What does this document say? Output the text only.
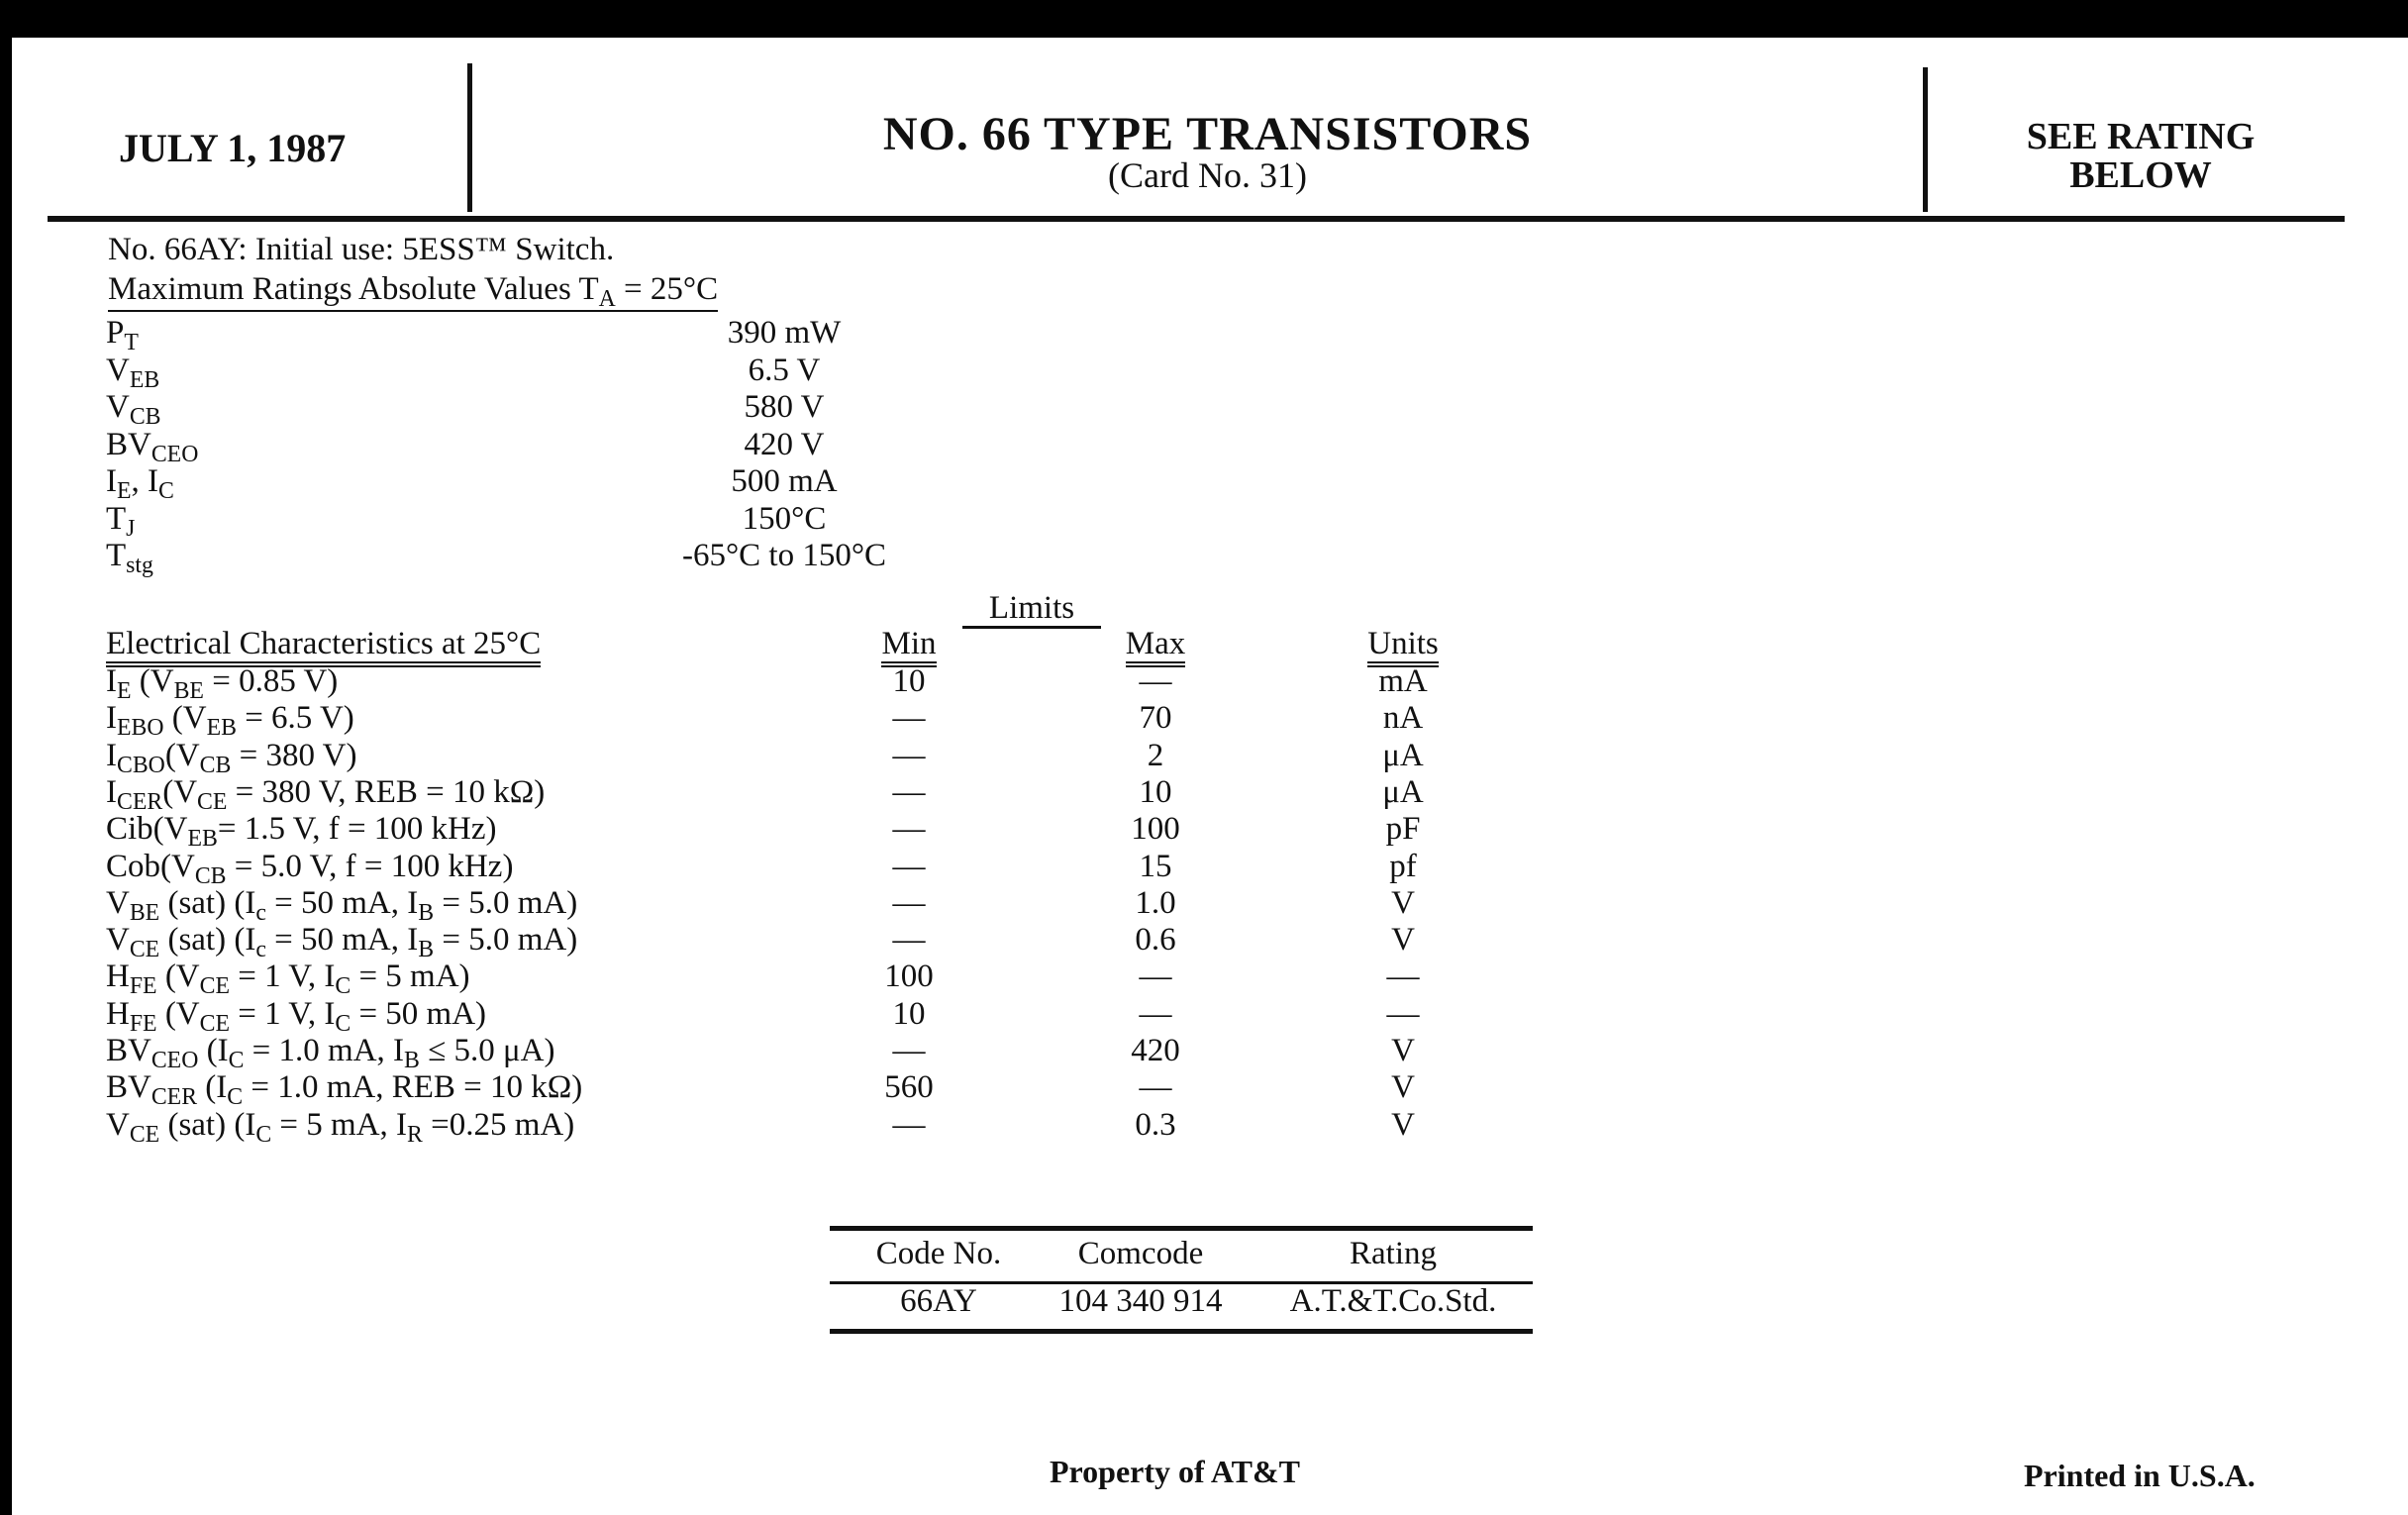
JULY 1, 1987	NO. 66 TYPE TRANSISTORS
(Card No. 31)
SEE RATING
BELOW
No. 66AY: Initial use: 5ESS™ Switch.
Maximum Ratings Absolute Values $T_A = 25^\circ C$
$P_T$	390 mW
$V_{EB}$	6.5 V
$V_{CB}$	580 V
$BV_{CEO}$	420 V
$I_E$, $I_C$	500 mA
$T_J$	150°C
$T_{stg}$	-65°C to 150°C
Limits
Electrical Characteristics at 25°C	Min	Max	Units
$I_E$ ($V_{BE} = 0.85$ V)	10	—	mA
$I_{EBO}$ ($V_{EB} = 6.5$ V)	—	70	nA
$I_{CBO}(V_{CB} = 380$ V)	—	2	μA
$I_{CER}(V_{CE} = 380$ V, REB = 10 kΩ)	—	10	μA
$Cib(V_{EB}= 1.5$ V, f = 100 kHz)	—	100	pF
$Cob(V_{CB} = 5.0$ V, f = 100 kHz)	—	15	pf
$V_{BE}$ (sat) ($I_c = 50$ mA, $I_B = 5.0$ mA)	—	1.0	V
$V_{CE}$ (sat) ($I_c = 50$ mA, $I_B = 5.0$ mA)	—	0.6	V
$H_{FE}$ ($V_{CE} = 1$ V, $I_C = 5$ mA)	100	—	—
$H_{FE}$ ($V_{CE} = 1$ V, $I_C = 50$ mA)	10	—	—
$BV_{CEO}$ ($I_C = 1.0$ mA, $I_B \le 5.0$ μA)	—	420	V
$BV_{CER}$ ($I_C = 1.0$ mA, REB = 10 kΩ)	560	—	V
$V_{CE}$ (sat) ($I_C = 5$ mA, $I_R =0.25$ mA)	—	0.3	V
Code No.	Comcode	Rating
66AY	104 340 914	A.T.&T.Co.Std.
Property of AT&T	Printed in U.S.A.
